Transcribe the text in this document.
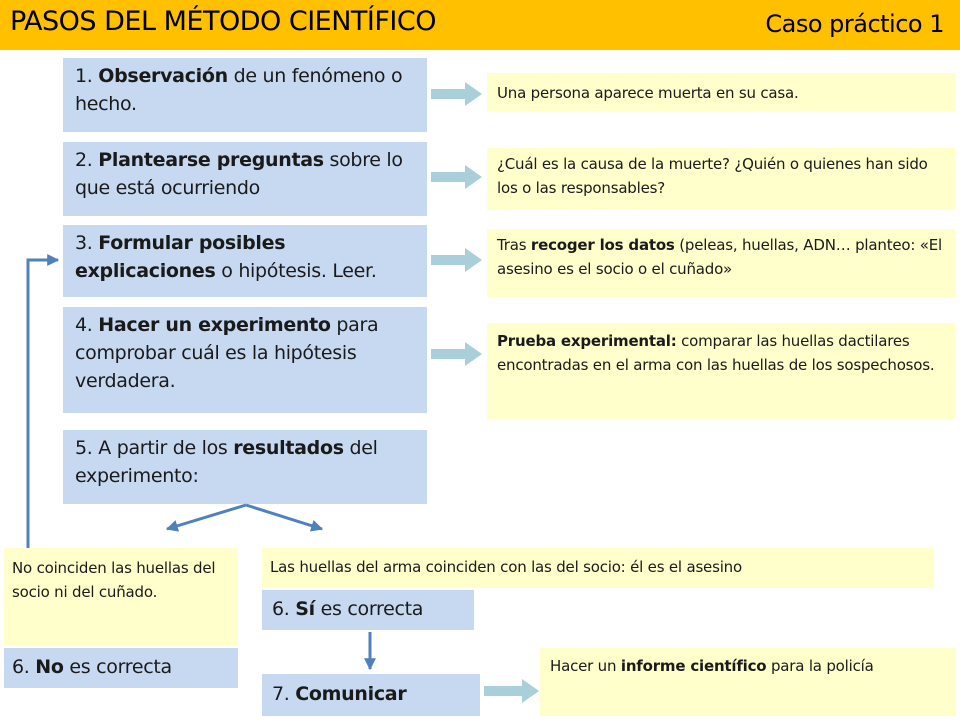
PASOS DEL MÉTODO CIENTÍFICO	Caso práctico 1
1. Observación de un fenómeno o hecho.	Una persona aparece muerta en su casa.
2. Plantearse preguntas sobre lo que está ocurriendo
¿Cuál es la causa de la muerte? ¿Quién o quienes han sido los o las responsables?
3. Formular posibles explicaciones o hipótesis. Leer.
Tras recoger los datos (peleas, huellas, ADN… planteo: «El asesino es el socio o el cuñado»
4. Hacer un experimento para comprobar cuál es la hipótesis verdadera.
Prueba experimental: comparar las huellas dactilares encontradas en el arma con las huellas de los sospechosos.
5. A partir de los resultados del experimento:
No coinciden las huellas del socio ni del cuñado.
6. No es correcta
Las huellas del arma coinciden con las del socio: él es el asesino
6. Sí es correcta
7. Comunicar
Hacer un informe científico para la policía
